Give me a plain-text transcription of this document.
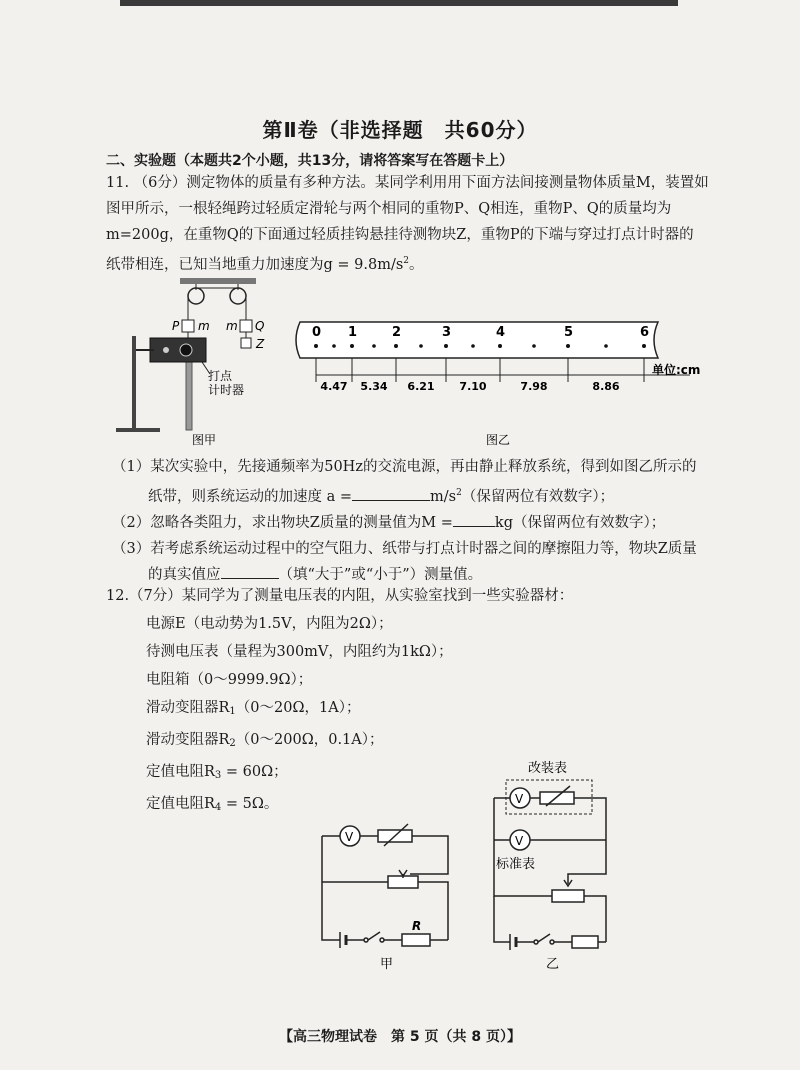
第Ⅱ卷（非选择题　共60分）
二、实验题（本题共2个小题，共13分，请将答案写在答题卡上）
11. （6分）测定物体的质量有多种方法。某同学利用用下面方法间接测量物体质量M，装置如
图甲所示，一根轻绳跨过轻质定滑轮与两个相同的重物P、Q相连，重物P、Q的质量均为
m=200g，在重物Q的下面通过轻质挂钩悬挂待测物块Z，重物P的下端与穿过打点计时器的
纸带相连，已知当地重力加速度为$g = 9.8m/s^2$。
P m m Q
Z
打点
计时器
图甲
0 1	2	3	4	5	6
4.47 5.34 6.21 7.10	7.98	8.86
单位:cm
图乙
（1）某次实验中，先接通频率为50Hz的交流电源，再由静止释放系统，得到如图乙所示的
纸带，则系统运动的加速度 a =	$m/s^2$（保留两位有效数字）；
（2）忽略各类阻力，求出物块Z质量的测量值为M =	kg（保留两位有效数字）；
（3）若考虑系统运动过程中的空气阻力、纸带与打点计时器之间的摩擦阻力等，物块Z质量
的真实值应	（填“大于”或“小于”）测量值。
12.（7分）某同学为了测量电压表的内阻，从实验室找到一些实验器材：
电源E（电动势为1.5V，内阻为2Ω）；
待测电压表（量程为300mV，内阻约为1kΩ）；
电阻箱（0～9999.9Ω）；
滑动变阻器$R_1(0\sim 20\Omega$，1A）；
滑动变阻器$R_2(0\sim 200\Omega$，0.1A）；
定值电阻$R_3 = 60\Omega$；
定值电阻$R_4 = 5\Omega$。
V
R
甲
改装表
V
V
标准表
乙
【高三物理试卷　第 5 页（共 8 页）】
